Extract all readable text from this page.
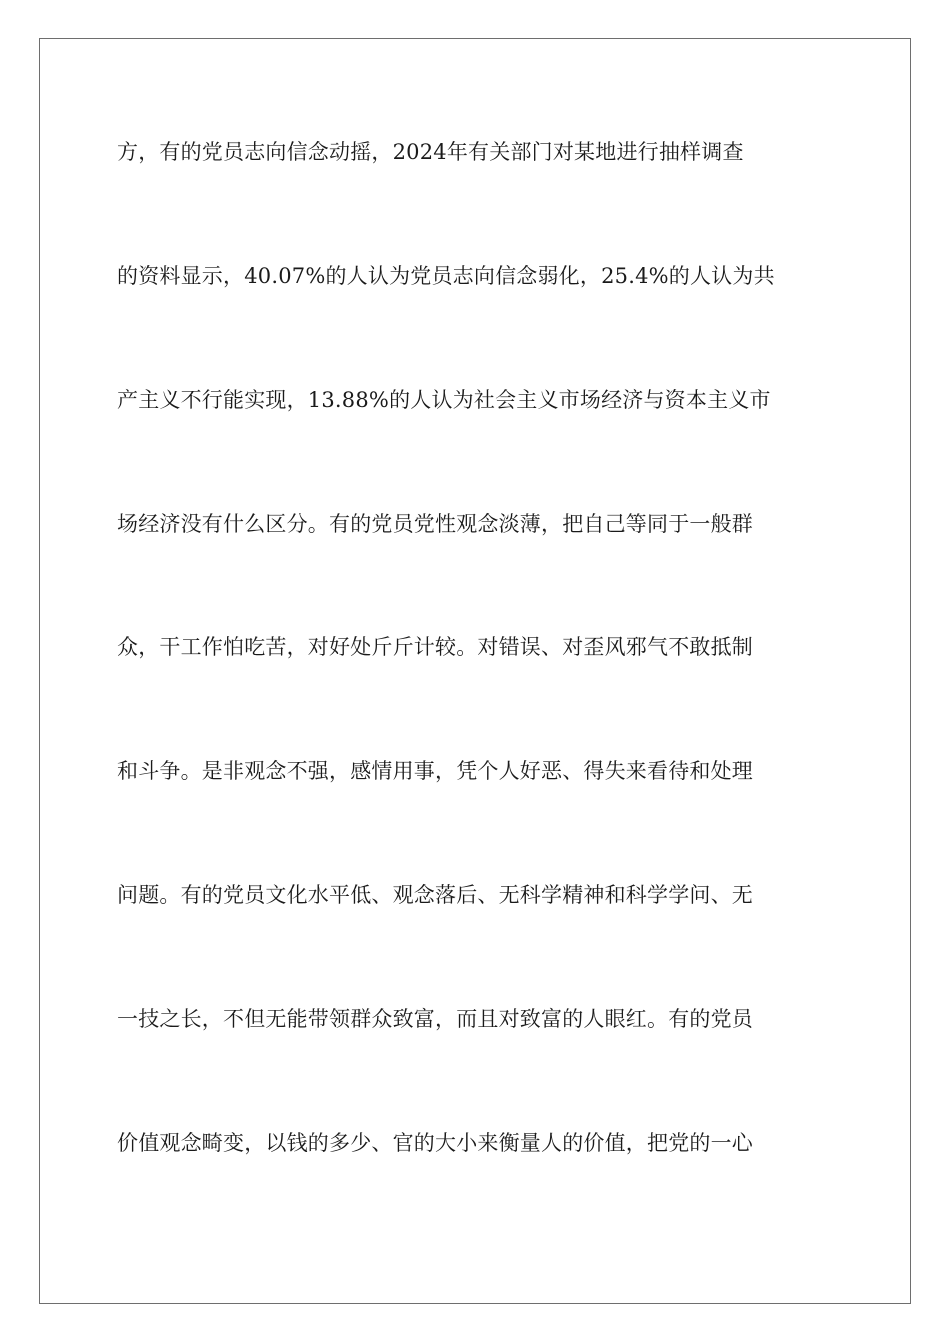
方，有的党员志向信念动摇，2024年有关部门对某地进行抽样调查
的资料显示，40.07%的人认为党员志向信念弱化，25.4%的人认为共
产主义不行能实现，13.88%的人认为社会主义市场经济与资本主义市
场经济没有什么区分。有的党员党性观念淡薄，把自己等同于一般群
众，干工作怕吃苦，对好处斤斤计较。对错误、对歪风邪气不敢抵制
和斗争。是非观念不强，感情用事，凭个人好恶、得失来看待和处理
问题。有的党员文化水平低、观念落后、无科学精神和科学学问、无
一技之长，不但无能带领群众致富，而且对致富的人眼红。有的党员
价值观念畸变，以钱的多少、官的大小来衡量人的价值，把党的一心
